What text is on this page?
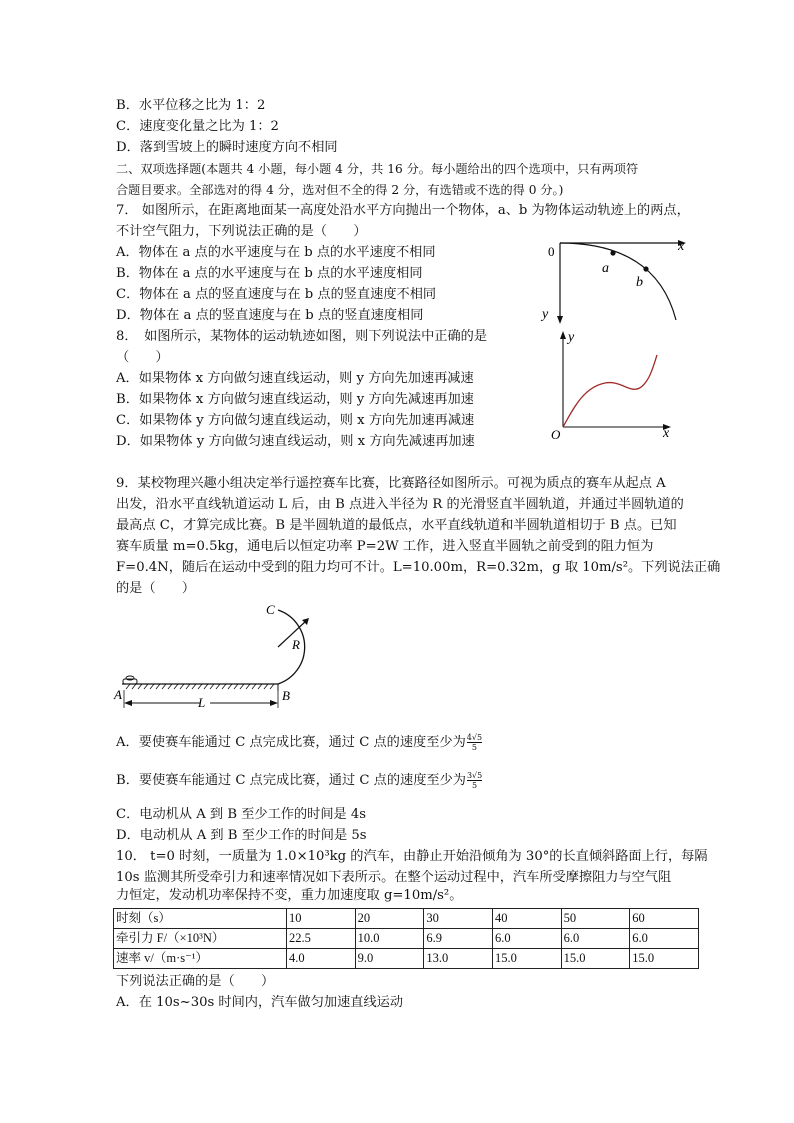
B．水平位移之比为 1：2
C．速度变化量之比为 1：2
D．落到雪坡上的瞬时速度方向不相同
二、双项选择题(本题共 4 小题，每小题 4 分，共 16 分。每小题给出的四个选项中，只有两项符
合题目要求。全部选对的得 4 分，选对但不全的得 2 分，有选错或不选的得 0 分。)
7． 如图所示，在距离地面某一高度处沿水平方向抛出一个物体，a、b 为物体运动轨迹上的两点，
不计空气阻力，下列说法正确的是（　　）
A．物体在 a 点的水平速度与在 b 点的水平速度不相同
B．物体在 a 点的水平速度与在 b 点的水平速度相同
C．物体在 a 点的竖直速度与在 b 点的竖直速度不相同
D．物体在 a 点的竖直速度与在 b 点的竖直速度相同
0	x
y
a
b
8．　如图所示，某物体的运动轨迹如图，则下列说法中正确的是
（　　）
A．如果物体 x 方向做匀速直线运动，则 y 方向先加速再减速
B．如果物体 x 方向做匀速直线运动，则 y 方向先减速再加速
C．如果物体 y 方向做匀速直线运动，则 x 方向先加速再减速
D．如果物体 y 方向做匀速直线运动，则 x 方向先减速再加速	O	x
y
9．某校物理兴趣小组决定举行遥控赛车比赛，比赛路径如图所示。可视为质点的赛车从起点 A
出发，沿水平直线轨道运动 L 后，由 B 点进入半径为 R 的光滑竖直半圆轨道，并通过半圆轨道的
最高点 C，才算完成比赛。B 是半圆轨道的最低点，水平直线轨道和半圆轨道相切于 B 点。已知
赛车质量 m=0.5kg，通电后以恒定功率 P=2W 工作，进入竖直半圆轨之前受到的阻力恒为
F=0.4N，随后在运动中受到的阻力均可不计。L=10.00m，R=0.32m，g 取 10m/s²。下列说法正确
的是（　　）
L
A	B
C
R
A．要使赛车能通过 C 点完成比赛，通过 C 点的速度至少为 $\frac{4√5}{5}$
B．要使赛车能通过 C 点完成比赛，通过 C 点的速度至少为 $\frac{3√5}{5}$
C．电动机从 A 到 B 至少工作的时间是 4s
D．电动机从 A 到 B 至少工作的时间是 5s
10． t=0 时刻，一质量为 1.0×10³kg 的汽车，由静止开始沿倾角为 30°的长直倾斜路面上行，每隔
10s 监测其所受牵引力和速率情况如下表所示。在整个运动过程中，汽车所受摩擦阻力与空气阻
力恒定，发动机功率保持不变，重力加速度取 g=10m/s²。
时刻（s）	10	20	30	40	50	60
牵引力 F/（×10³N）	22.5	10.0	6.9	6.0	6.0	6.0
速率 v/（m·s⁻¹）	4.0	9.0	13.0	15.0	15.0	15.0
下列说法正确的是（　　）
A．在 10s~30s 时间内，汽车做匀加速直线运动
